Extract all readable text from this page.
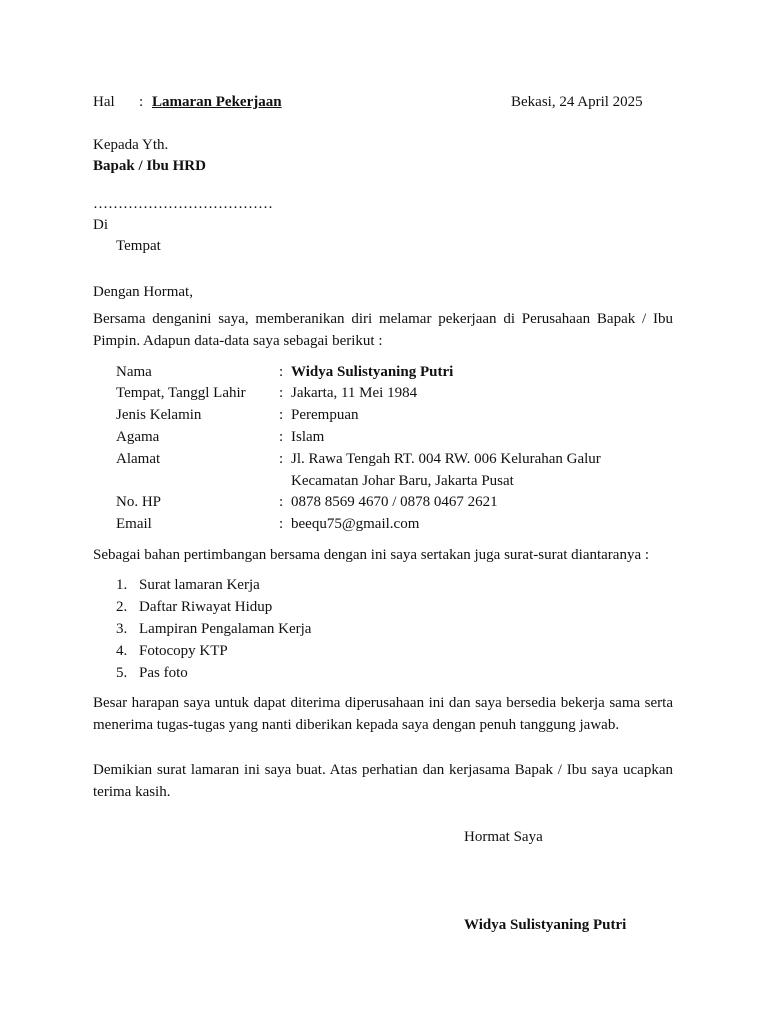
Hal : Lamaran Pekerjaan	Bekasi, 24 April 2025
Kepada Yth.
Bapak / Ibu HRD
………………………………
Di
Tempat
Dengan Hormat,
Bersama denganini saya, memberanikan diri melamar pekerjaan di Perusahaan Bapak / Ibu Pimpin. Adapun data-data saya sebagai berikut :
Nama	: Widya Sulistyaning Putri
Tempat, Tanggl Lahir : Jakarta, 11 Mei 1984
Jenis Kelamin	: Perempuan
Agama	: Islam
Alamat	: Jl. Rawa Tengah RT. 004 RW. 006 Kelurahan Galur
Kecamatan Johar Baru, Jakarta Pusat
No. HP	: 0878 8569 4670 / 0878 0467 2621
Email	: beequ75@gmail.com
Sebagai bahan pertimbangan bersama dengan ini saya sertakan juga surat-surat diantaranya :
1. Surat lamaran Kerja
2. Daftar Riwayat Hidup
3. Lampiran Pengalaman Kerja
4. Fotocopy KTP
5. Pas foto
Besar harapan saya untuk dapat diterima diperusahaan ini dan saya bersedia bekerja sama serta menerima tugas-tugas yang nanti diberikan kepada saya dengan penuh tanggung jawab.
Demikian surat lamaran ini saya buat. Atas perhatian dan kerjasama Bapak / Ibu saya ucapkan terima kasih.
Hormat Saya
Widya Sulistyaning Putri
